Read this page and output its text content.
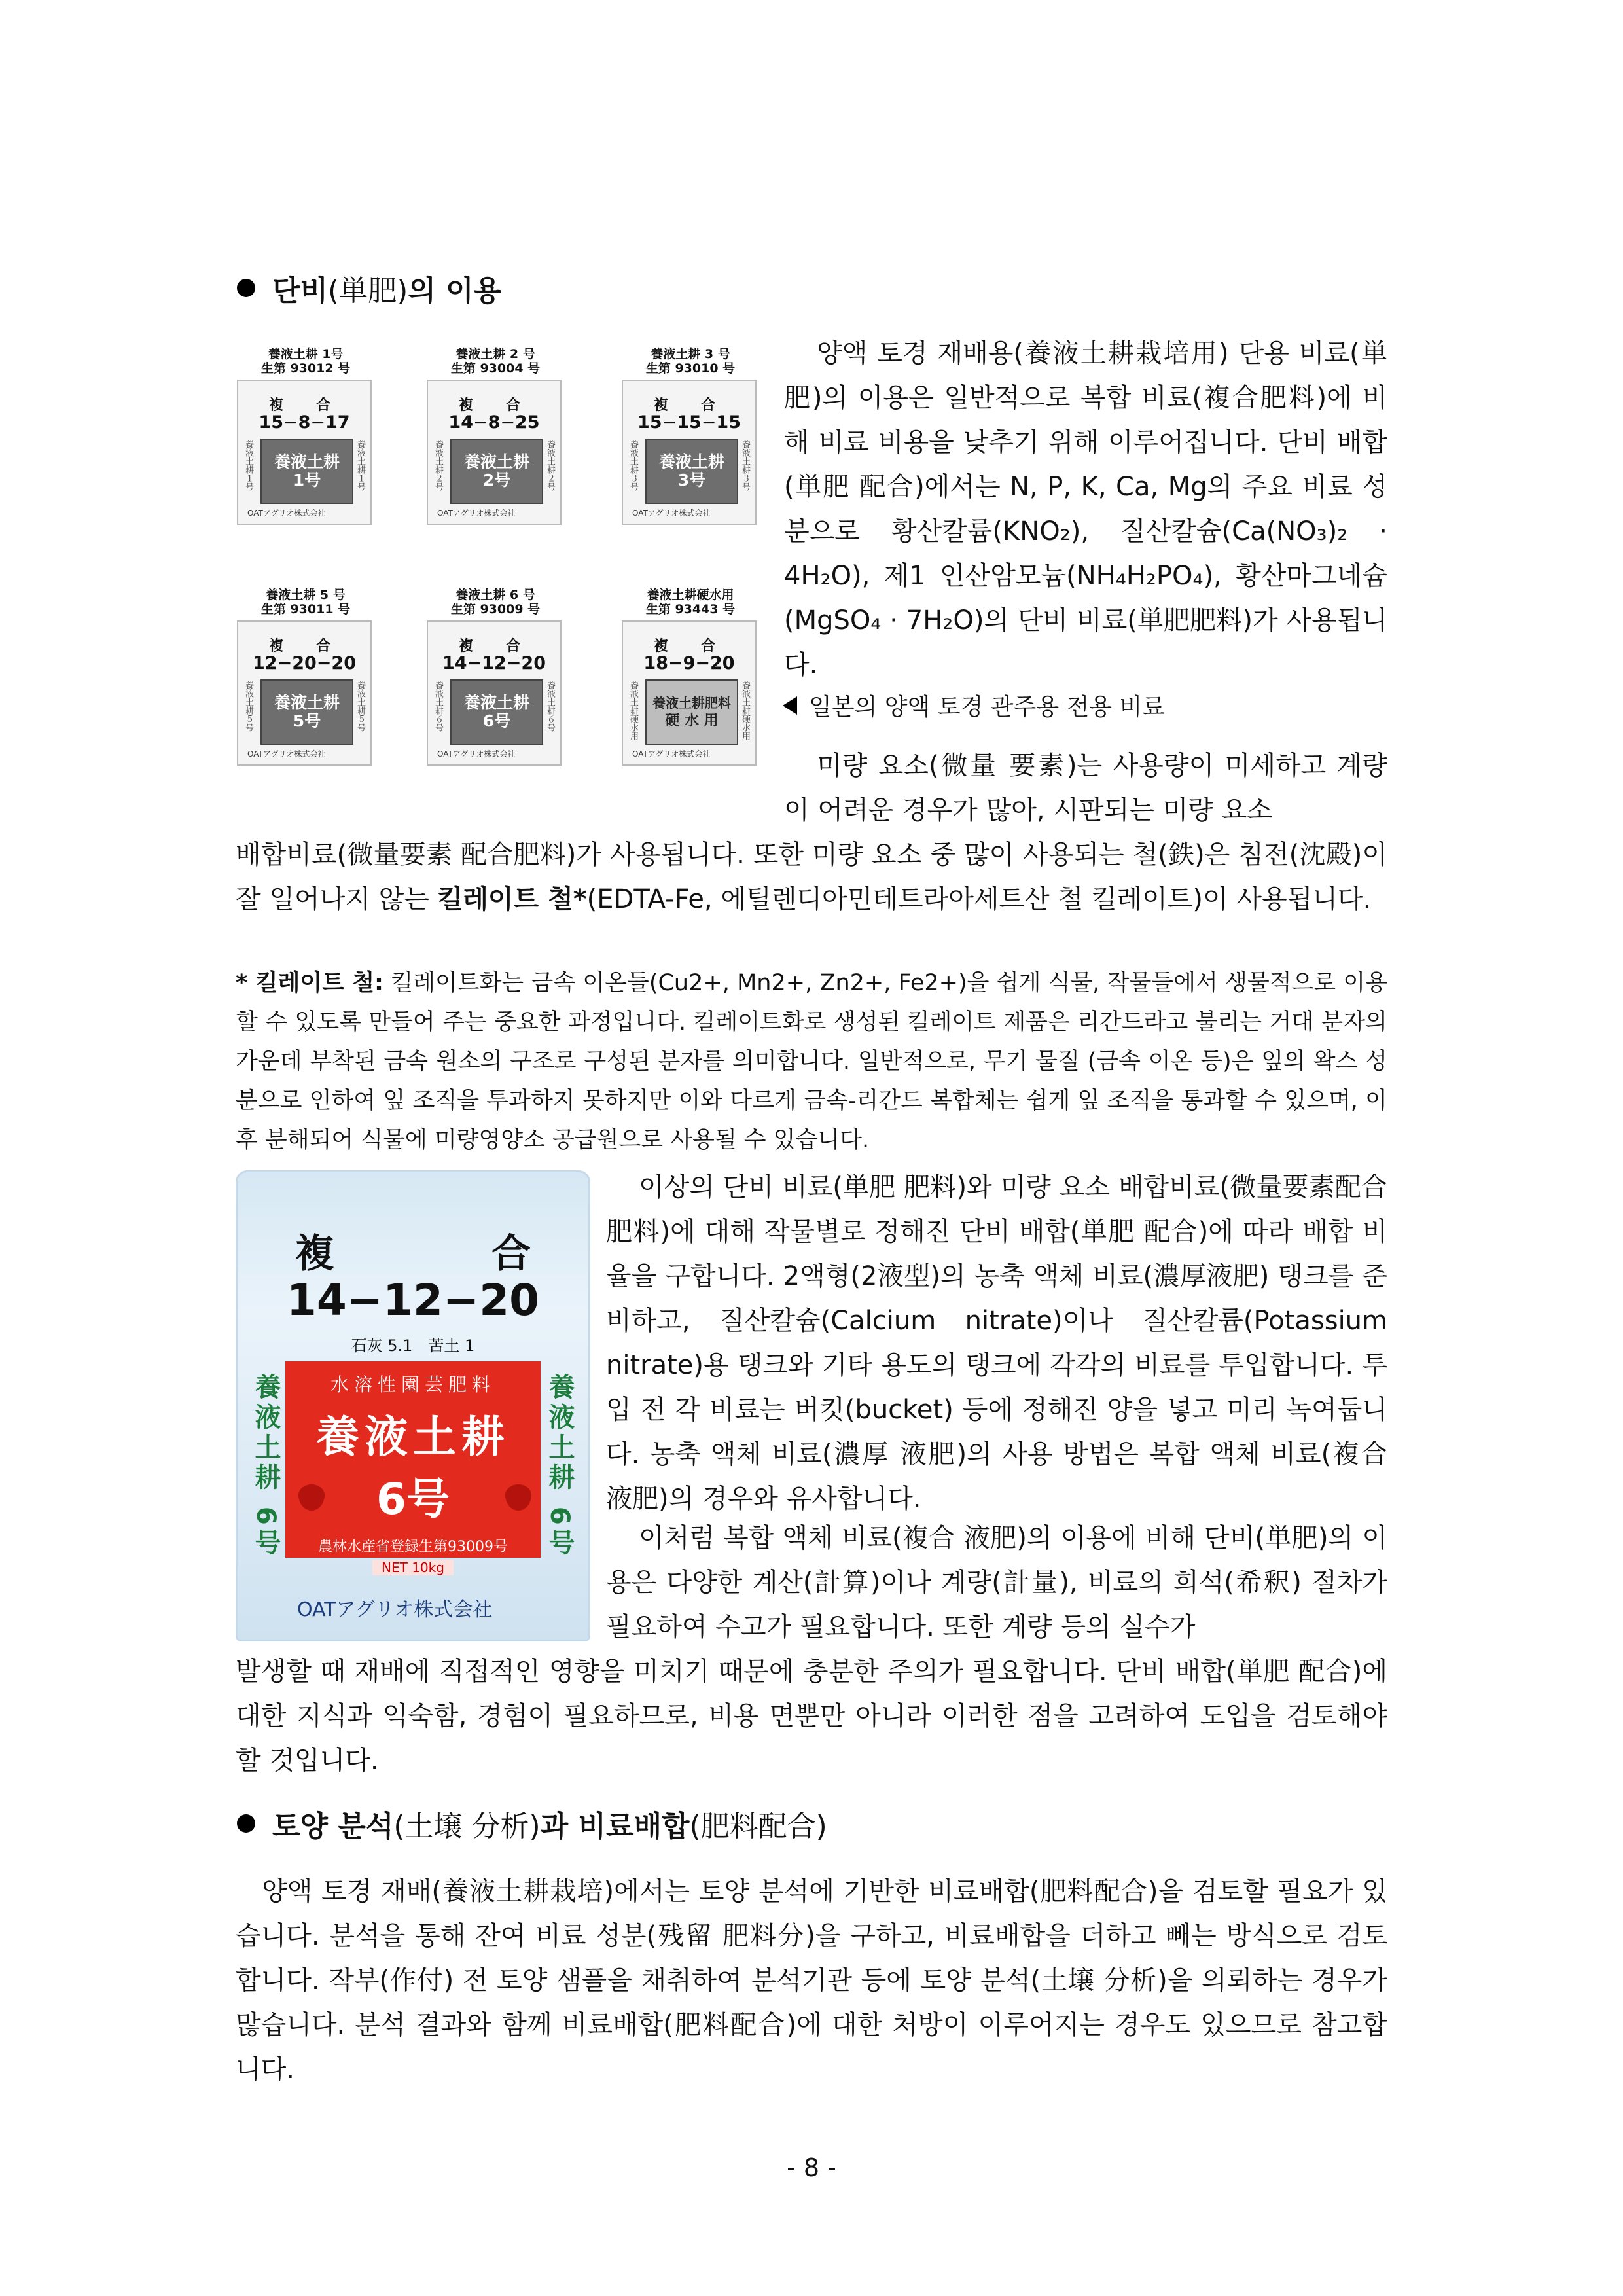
단비 (単肥) 의 이용
養液土耕 1号
生第 93012 号
複　合
15−8−17
養液土耕１号	養液土耕
1号	養液土耕１号
OATアグリオ株式会社
養液土耕 2 号
生第 93004 号
複　合
14−8−25
養液土耕２号	養液土耕
2号	養液土耕２号
OATアグリオ株式会社
養液土耕 3 号
生第 93010 号
複　合
15−15−15
養液土耕３号	養液土耕
3号	養液土耕３号
OATアグリオ株式会社
養液土耕 5 号
生第 93011 号
複　合
12−20−20
養液土耕５号	養液土耕
5号	養液土耕５号
OATアグリオ株式会社
養液土耕 6 号
生第 93009 号
複　合
14−12−20
養液土耕６号	養液土耕
6号	養液土耕６号
OATアグリオ株式会社
養液土耕硬水用
生第 93443 号
複　合
18−9−20
養液土耕硬水用	養液土耕肥料
硬 水 用	養液土耕硬水用
OATアグリオ株式会社

양액 토경 재배용(養液土耕栽培用) 단용 비료(単肥)의 이용은 일반적으로 복합 비료(複合肥料)에 비해 비료 비용을 낮추기 위해 이루어집니다. 단비 배합(単肥 配合)에서는 N, P, K, Ca, Mg의 주요 비료 성분으로 황산칼륨(KNO₂), 질산칼슘(Ca(NO₃)₂ · 4H₂O), 제1 인산암모늄(NH₄H₂PO₄), 황산마그네슘(MgSO₄ · 7H₂O)의 단비 비료(単肥肥料)가 사용됩니다.

일본의 양액 토경 관주용 전용 비료

미량 요소(微量 要素)는 사용량이 미세하고 계량이 어려운 경우가 많아, 시판되는 미량 요소

배합비료(微量要素 配合肥料)가 사용됩니다. 또한 미량 요소 중 많이 사용되는 철(鉄)은 침전(沈殿)이 잘 일어나지 않는 킬레이트 철*(EDTA-Fe, 에틸렌디아민테트라아세트산 철 킬레이트)이 사용됩니다.

* 킬레이트 철: 킬레이트화는 금속 이온들(Cu2+, Mn2+, Zn2+, Fe2+)을 쉽게 식물, 작물들에서 생물적으로 이용할 수 있도록 만들어 주는 중요한 과정입니다. 킬레이트화로 생성된 킬레이트 제품은 리간드라고 불리는 거대 분자의 가운데 부착된 금속 원소의 구조로 구성된 분자를 의미합니다. 일반적으로, 무기 물질 (금속 이온 등)은 잎의 왁스 성분으로 인하여 잎 조직을 투과하지 못하지만 이와 다르게 금속-리간드 복합체는 쉽게 잎 조직을 통과할 수 있으며, 이후 분해되어 식물에 미량영양소 공급원으로 사용될 수 있습니다.
複　合
14−12−20
石灰 5.1　苦土 1
養液土耕 6号	水溶性園芸肥料
養液土耕
6号
農林水産省登録生第93009号
NET 10kg
養液土耕 6号
OATアグリオ株式会社

이상의 단비 비료(単肥 肥料)와 미량 요소 배합비료(微量要素配合肥料)에 대해 작물별로 정해진 단비 배합(単肥 配合)에 따라 배합 비율을 구합니다. 2액형(2液型)의 농축 액체 비료(濃厚液肥) 탱크를 준비하고, 질산칼슘(Calcium nitrate)이나 질산칼륨(Potassium nitrate)용 탱크와 기타 용도의 탱크에 각각의 비료를 투입합니다. 투입 전 각 비료는 버킷(bucket) 등에 정해진 양을 넣고 미리 녹여둡니다. 농축 액체 비료(濃厚 液肥)의 사용 방법은 복합 액체 비료(複合 液肥)의 경우와 유사합니다.

이처럼 복합 액체 비료(複合 液肥)의 이용에 비해 단비(単肥)의 이용은 다양한 계산(計算)이나 계량(計量), 비료의 희석(希釈) 절차가 필요하여 수고가 필요합니다. 또한 계량 등의 실수가

발생할 때 재배에 직접적인 영향을 미치기 때문에 충분한 주의가 필요합니다. 단비 배합(単肥 配合)에 대한 지식과 익숙함, 경험이 필요하므로, 비용 면뿐만 아니라 이러한 점을 고려하여 도입을 검토해야 할 것입니다.

토양 분석 (土壌 分析) 과 비료배합 (肥料配合)

양액 토경 재배(養液土耕栽培)에서는 토양 분석에 기반한 비료배합(肥料配合)을 검토할 필요가 있습니다. 분석을 통해 잔여 비료 성분(残留 肥料分)을 구하고, 비료배합을 더하고 빼는 방식으로 검토합니다. 작부(作付) 전 토양 샘플을 채취하여 분석기관 등에 토양 분석(土壌 分析)을 의뢰하는 경우가 많습니다. 분석 결과와 함께 비료배합(肥料配合)에 대한 처방이 이루어지는 경우도 있으므로 참고합니다.

- 8 -
